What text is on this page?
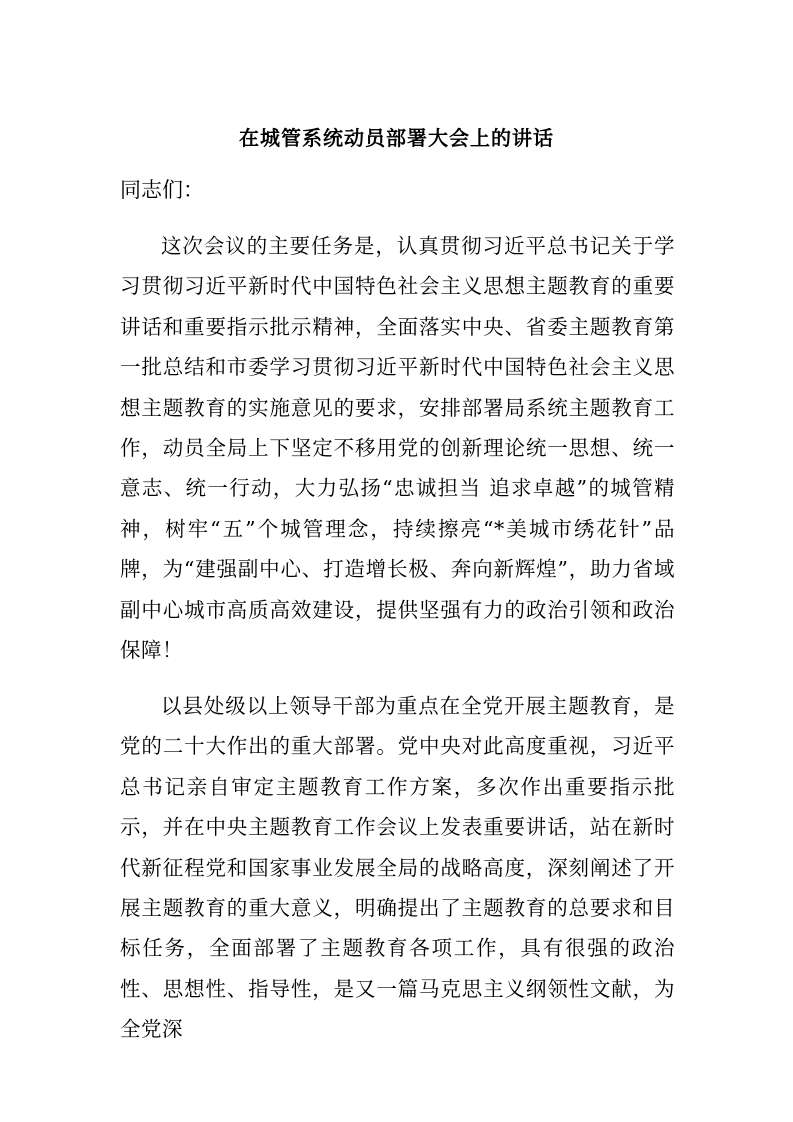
在城管系统动员部署大会上的讲话
同志们：

这次会议的主要任务是，认真贯彻习近平总书记关于学习贯彻习近平新时代中国特色社会主义思想主题教育的重要讲话和重要指示批示精神，全面落实中央、省委主题教育第一批总结和市委学习贯彻习近平新时代中国特色社会主义思想主题教育的实施意见的要求，安排部署局系统主题教育工作，动员全局上下坚定不移用党的创新理论统一思想、统一意志、统一行动，大力弘扬“忠诚担当 追求卓越”的城管精神，树牢“五”个城管理念，持续擦亮“*美城市绣花针”品牌，为“建强副中心、打造增长极、奔向新辉煌”，助力省域副中心城市高质高效建设，提供坚强有力的政治引领和政治保障！

以县处级以上领导干部为重点在全党开展主题教育，是党的二十大作出的重大部署。党中央对此高度重视，习近平总书记亲自审定主题教育工作方案，多次作出重要指示批示，并在中央主题教育工作会议上发表重要讲话，站在新时代新征程党和国家事业发展全局的战略高度，深刻阐述了开展主题教育的重大意义，明确提出了主题教育的总要求和目标任务，全面部署了主题教育各项工作，具有很强的政治性、思想性、指导性，是又一篇马克思主义纲领性文献，为全党深
